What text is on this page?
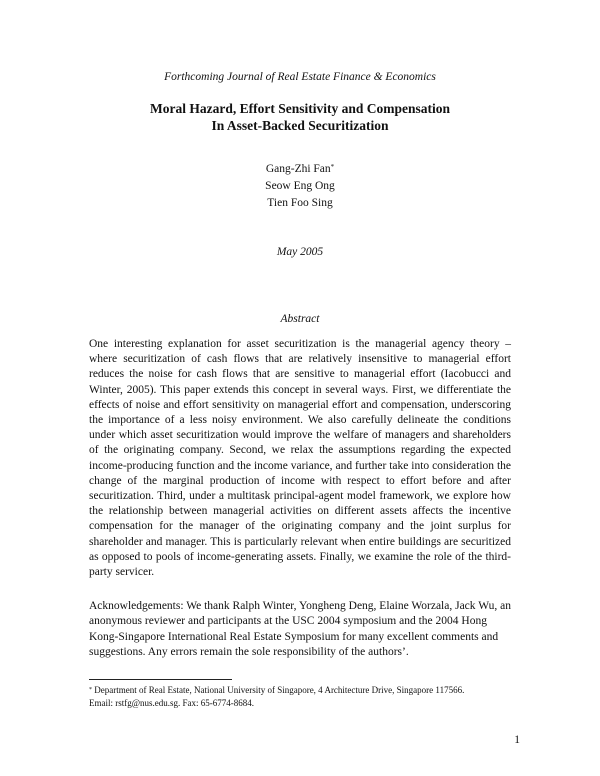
Forthcoming Journal of Real Estate Finance & Economics
Moral Hazard, Effort Sensitivity and Compensation
In Asset-Backed Securitization
Gang-Zhi Fan*
Seow Eng Ong
Tien Foo Sing
May 2005
Abstract

One interesting explanation for asset securitization is the managerial agency theory – where securitization of cash flows that are relatively insensitive to managerial effort reduces the noise for cash flows that are sensitive to managerial effort (Iacobucci and Winter, 2005). This paper extends this concept in several ways. First, we differentiate the effects of noise and effort sensitivity on managerial effort and compensation, underscoring the importance of a less noisy environment. We also carefully delineate the conditions under which asset securitization would improve the welfare of managers and shareholders of the originating company. Second, we relax the assumptions regarding the expected income-producing function and the income variance, and further take into consideration the change of the marginal production of income with respect to effort before and after securitization. Third, under a multitask principal-agent model framework, we explore how the relationship between managerial activities on different assets affects the incentive compensation for the manager of the originating company and the joint surplus for shareholder and manager. This is particularly relevant when entire buildings are securitized as opposed to pools of income-generating assets. Finally, we examine the role of the third-party servicer.

Acknowledgements: We thank Ralph Winter, Yongheng Deng, Elaine Worzala, Jack Wu, an anonymous reviewer and participants at the USC 2004 symposium and the 2004 Hong Kong-Singapore International Real Estate Symposium for many excellent comments and suggestions. Any errors remain the sole responsibility of the authors’.

* Department of Real Estate, National University of Singapore, 4 Architecture Drive, Singapore 117566.
Email: rstfg@nus.edu.sg. Fax: 65-6774-8684.
1
